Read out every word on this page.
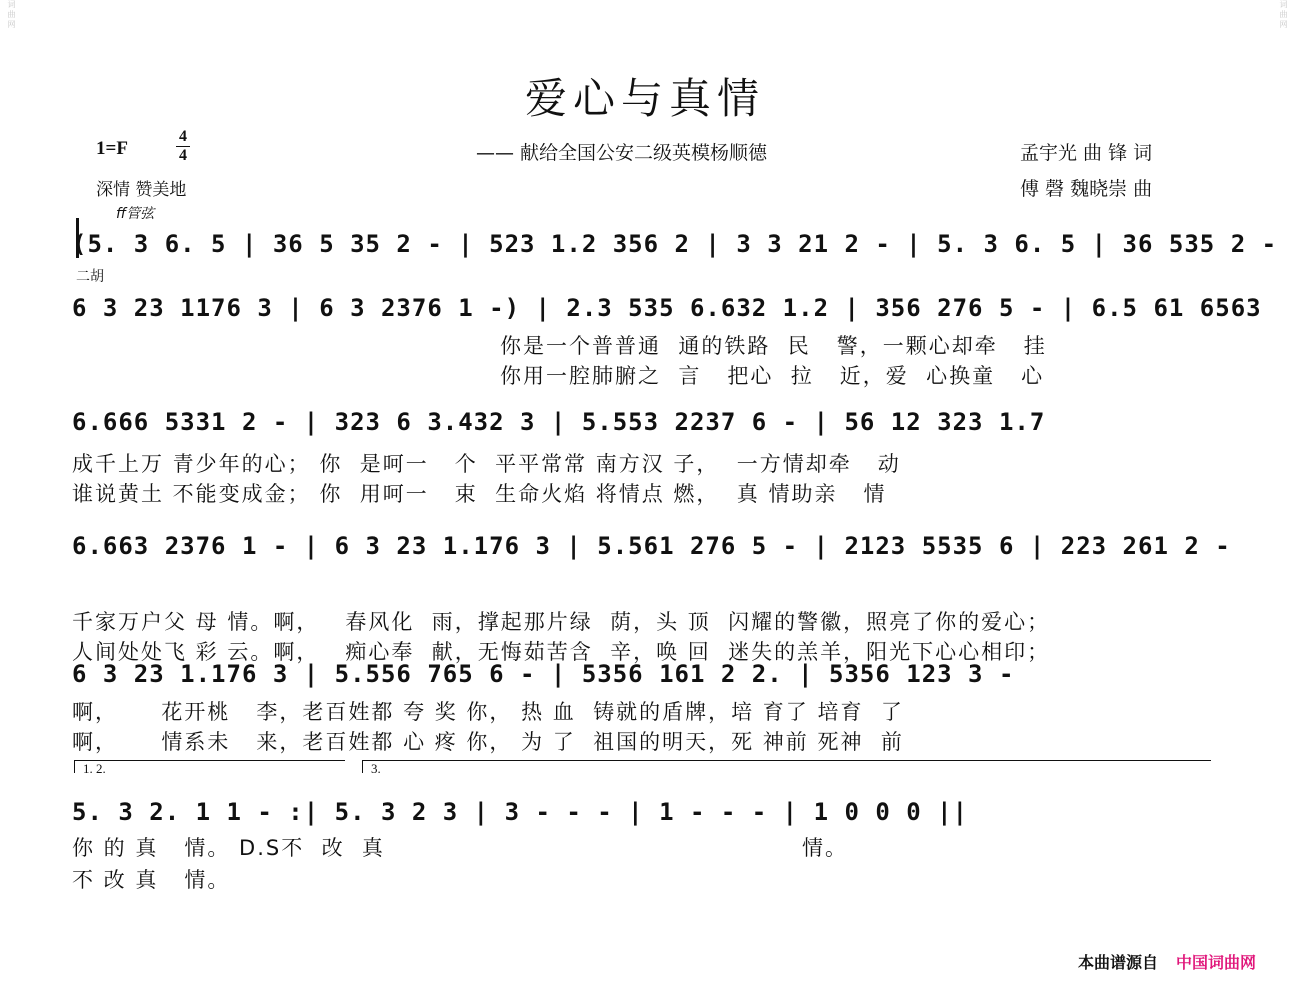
词曲网	词曲网
爱心与真情
1=F
4
4	—— 献给全国公安二级英模杨顺德	孟宇光 曲 锋 词
深情 赞美地	傅 磬 魏晓崇 曲
ff管弦
二胡
(5. 3 6. 5 | 36 5 35 2 - | 523 1.2 356 2 | 3 3 21 2 - | 5. 3 6. 5 | 36 535 2 -
6 3 23 1176 3 | 6 3 2376 1 -) | 2.3 535 6.632 1.2 | 356 276 5 - | 6.5 61 6563
你是一个普普通  通的铁路  民   警，一颗心却牵   挂
你用一腔肺腑之  言   把心  拉   近，爱  心换童   心
6.666 5331 2 - | 323 6 3.432 3 | 5.553 2237 6 - | 56 12 323 1.7
成千上万 青少年的心； 你  是呵一   个  平平常常 南方汉 子，  一方情却牵   动
谁说黄土 不能变成金； 你  用呵一   束  生命火焰 将情点 燃，  真 情助亲   情
6.663 2376 1 - | 6 3 23 1.176 3 | 5.561 276 5 - | 2123 5535 6 | 223 261 2 -
千家万户父 母 情。啊，   春风化  雨，撑起那片绿  荫，头 顶  闪耀的警徽，照亮了你的爱心；
人间处处飞 彩 云。啊，   痴心奉  献，无悔茹苦含  辛，唤 回  迷失的羔羊，阳光下心心相印；
6 3 23 1.176 3 | 5.556 765 6 - | 5356 161 2 2. | 5356 123 3 -
啊，     花开桃   李，老百姓都 夸 奖 你， 热 血  铸就的盾牌，培 育了 培育  了
啊，     情系未   来，老百姓都 心 疼 你， 为 了  祖国的明天，死 神前 死神  前
1. 2.	3.
5. 3 2. 1 1 - :| 5. 3 2 3 | 3 - - - | 1 - - - | 1 0 0 0 ||
你 的 真   情。 D.S不  改  真	情。
不 改 真   情。
本曲谱源自 中国词曲网
